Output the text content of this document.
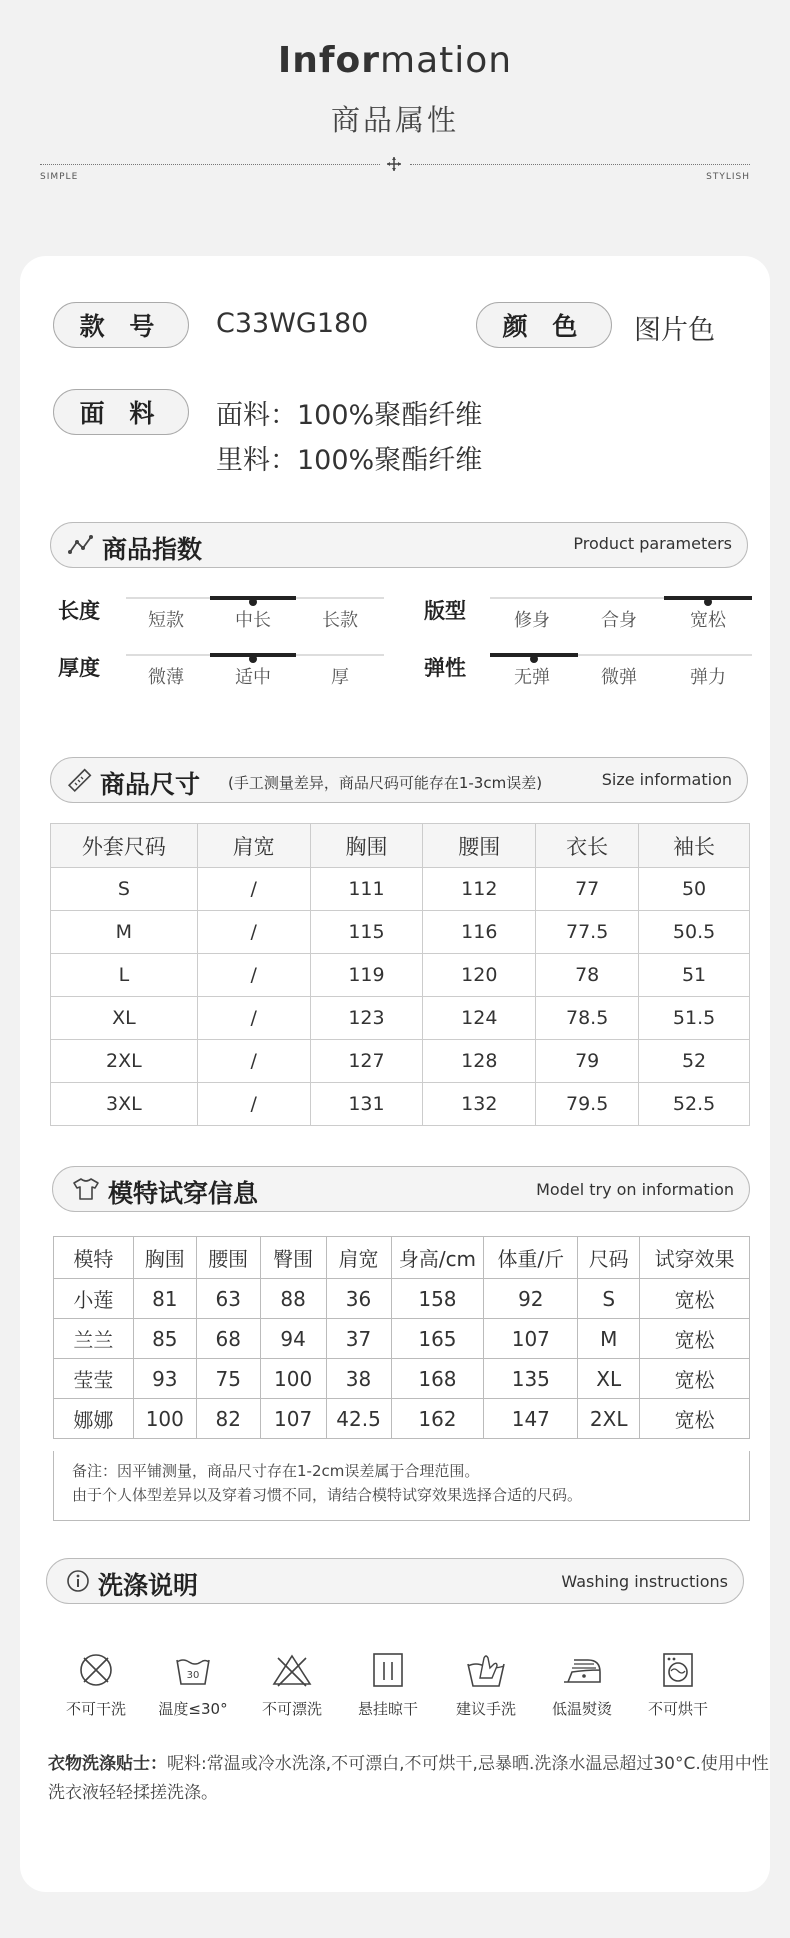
Information
商品属性
SIMPLE	STYLISH
款 号	C33WG180	颜 色	图片色
面 料	面料：100%聚酯纤维
里料：100%聚酯纤维
商品指数	Product parameters
长度	短款	中长	长款	版型	修身	合身	宽松
厚度	微薄	适中	厚	弹性	无弹	微弹	弹力
商品尺寸 (手工测量差异，商品尺码可能存在1-3cm误差)	Size information
外套尺码	肩宽	胸围	腰围	衣长	袖长
S	/	111	112	77	50
M	/	115	116	77.5	50.5
L	/	119	120	78	51
XL	/	123	124	78.5	51.5
2XL	/	127	128	79	52
3XL	/	131	132	79.5	52.5
模特试穿信息	Model try on information
模特	胸围	腰围	臀围	肩宽	身高/cm	体重/斤	尺码	试穿效果
小莲	81	63	88	36	158	92	S	宽松
兰兰	85	68	94	37	165	107	M	宽松
莹莹	93	75	100	38	168	135	XL	宽松
娜娜	100	82	107	42.5	162	147	2XL	宽松
备注：因平铺测量，商品尺寸存在1-2cm误差属于合理范围。
由于个人体型差异以及穿着习惯不同，请结合模特试穿效果选择合适的尺码。
洗涤说明	Washing instructions
不可干洗
30
温度≤30°	不可漂洗	悬挂晾干	建议手洗	低温熨烫	不可烘干
衣物洗涤贴士：呢料:常温或冷水洗涤,不可漂白,不可烘干,忌暴晒.洗涤水温忌超过30°C.使用中性洗衣液轻轻揉搓洗涤。
